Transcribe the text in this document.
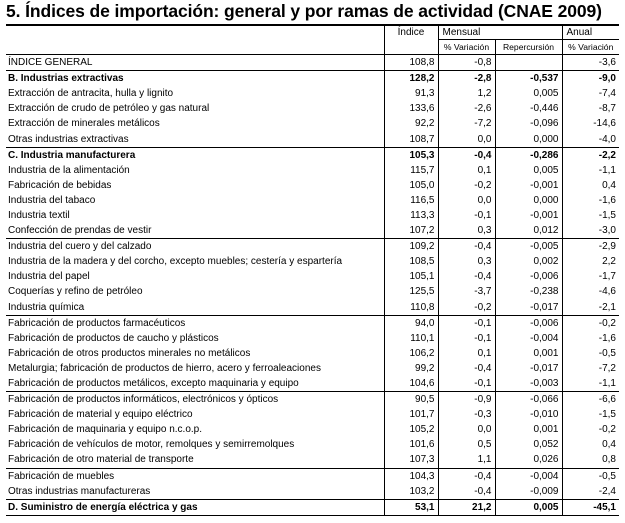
5. Índices de importación: general y por ramas de actividad (CNAE 2009)
	Índice	Mensual		Anual
		% Variación	Repercursión	% Variación
ÍNDICE GENERAL	108,8	-0,8		-3,6
B. Industrias extractivas	128,2	-2,8	-0,537	-9,0
Extracción de antracita, hulla y lignito	91,3	1,2	0,005	-7,4
Extracción de crudo de petróleo y gas natural	133,6	-2,6	-0,446	-8,7
Extracción de minerales metálicos	92,2	-7,2	-0,096	-14,6
Otras industrias extractivas	108,7	0,0	0,000	-4,0
C. Industria manufacturera	105,3	-0,4	-0,286	-2,2
Industria de la alimentación	115,7	0,1	0,005	-1,1
Fabricación de bebidas	105,0	-0,2	-0,001	0,4
Industria del tabaco	116,5	0,0	0,000	-1,6
Industria textil	113,3	-0,1	-0,001	-1,5
Confección de prendas de vestir	107,2	0,3	0,012	-3,0
Industria del cuero y del calzado	109,2	-0,4	-0,005	-2,9
Industria de la madera y del corcho, excepto muebles; cestería y espartería	108,5	0,3	0,002	2,2
Industria del papel	105,1	-0,4	-0,006	-1,7
Coquerías y refino de petróleo	125,5	-3,7	-0,238	-4,6
Industria química	110,8	-0,2	-0,017	-2,1
Fabricación de productos farmacéuticos	94,0	-0,1	-0,006	-0,2
Fabricación de productos de caucho y plásticos	110,1	-0,1	-0,004	-1,6
Fabricación de otros productos minerales no metálicos	106,2	0,1	0,001	-0,5
Metalurgia; fabricación de productos de hierro, acero y ferroaleaciones	99,2	-0,4	-0,017	-7,2
Fabricación de productos metálicos, excepto maquinaria y equipo	104,6	-0,1	-0,003	-1,1
Fabricación de productos informáticos, electrónicos y ópticos	90,5	-0,9	-0,066	-6,6
Fabricación de material y equipo eléctrico	101,7	-0,3	-0,010	-1,5
Fabricación de maquinaria y equipo n.c.o.p.	105,2	0,0	0,001	-0,2
Fabricación de vehículos de motor, remolques y semirremolques	101,6	0,5	0,052	0,4
Fabricación de otro material de transporte	107,3	1,1	0,026	0,8
Fabricación de muebles	104,3	-0,4	-0,004	-0,5
Otras industrias manufactureras	103,2	-0,4	-0,009	-2,4
D. Suministro de energía eléctrica y gas	53,1	21,2	0,005	-45,1
